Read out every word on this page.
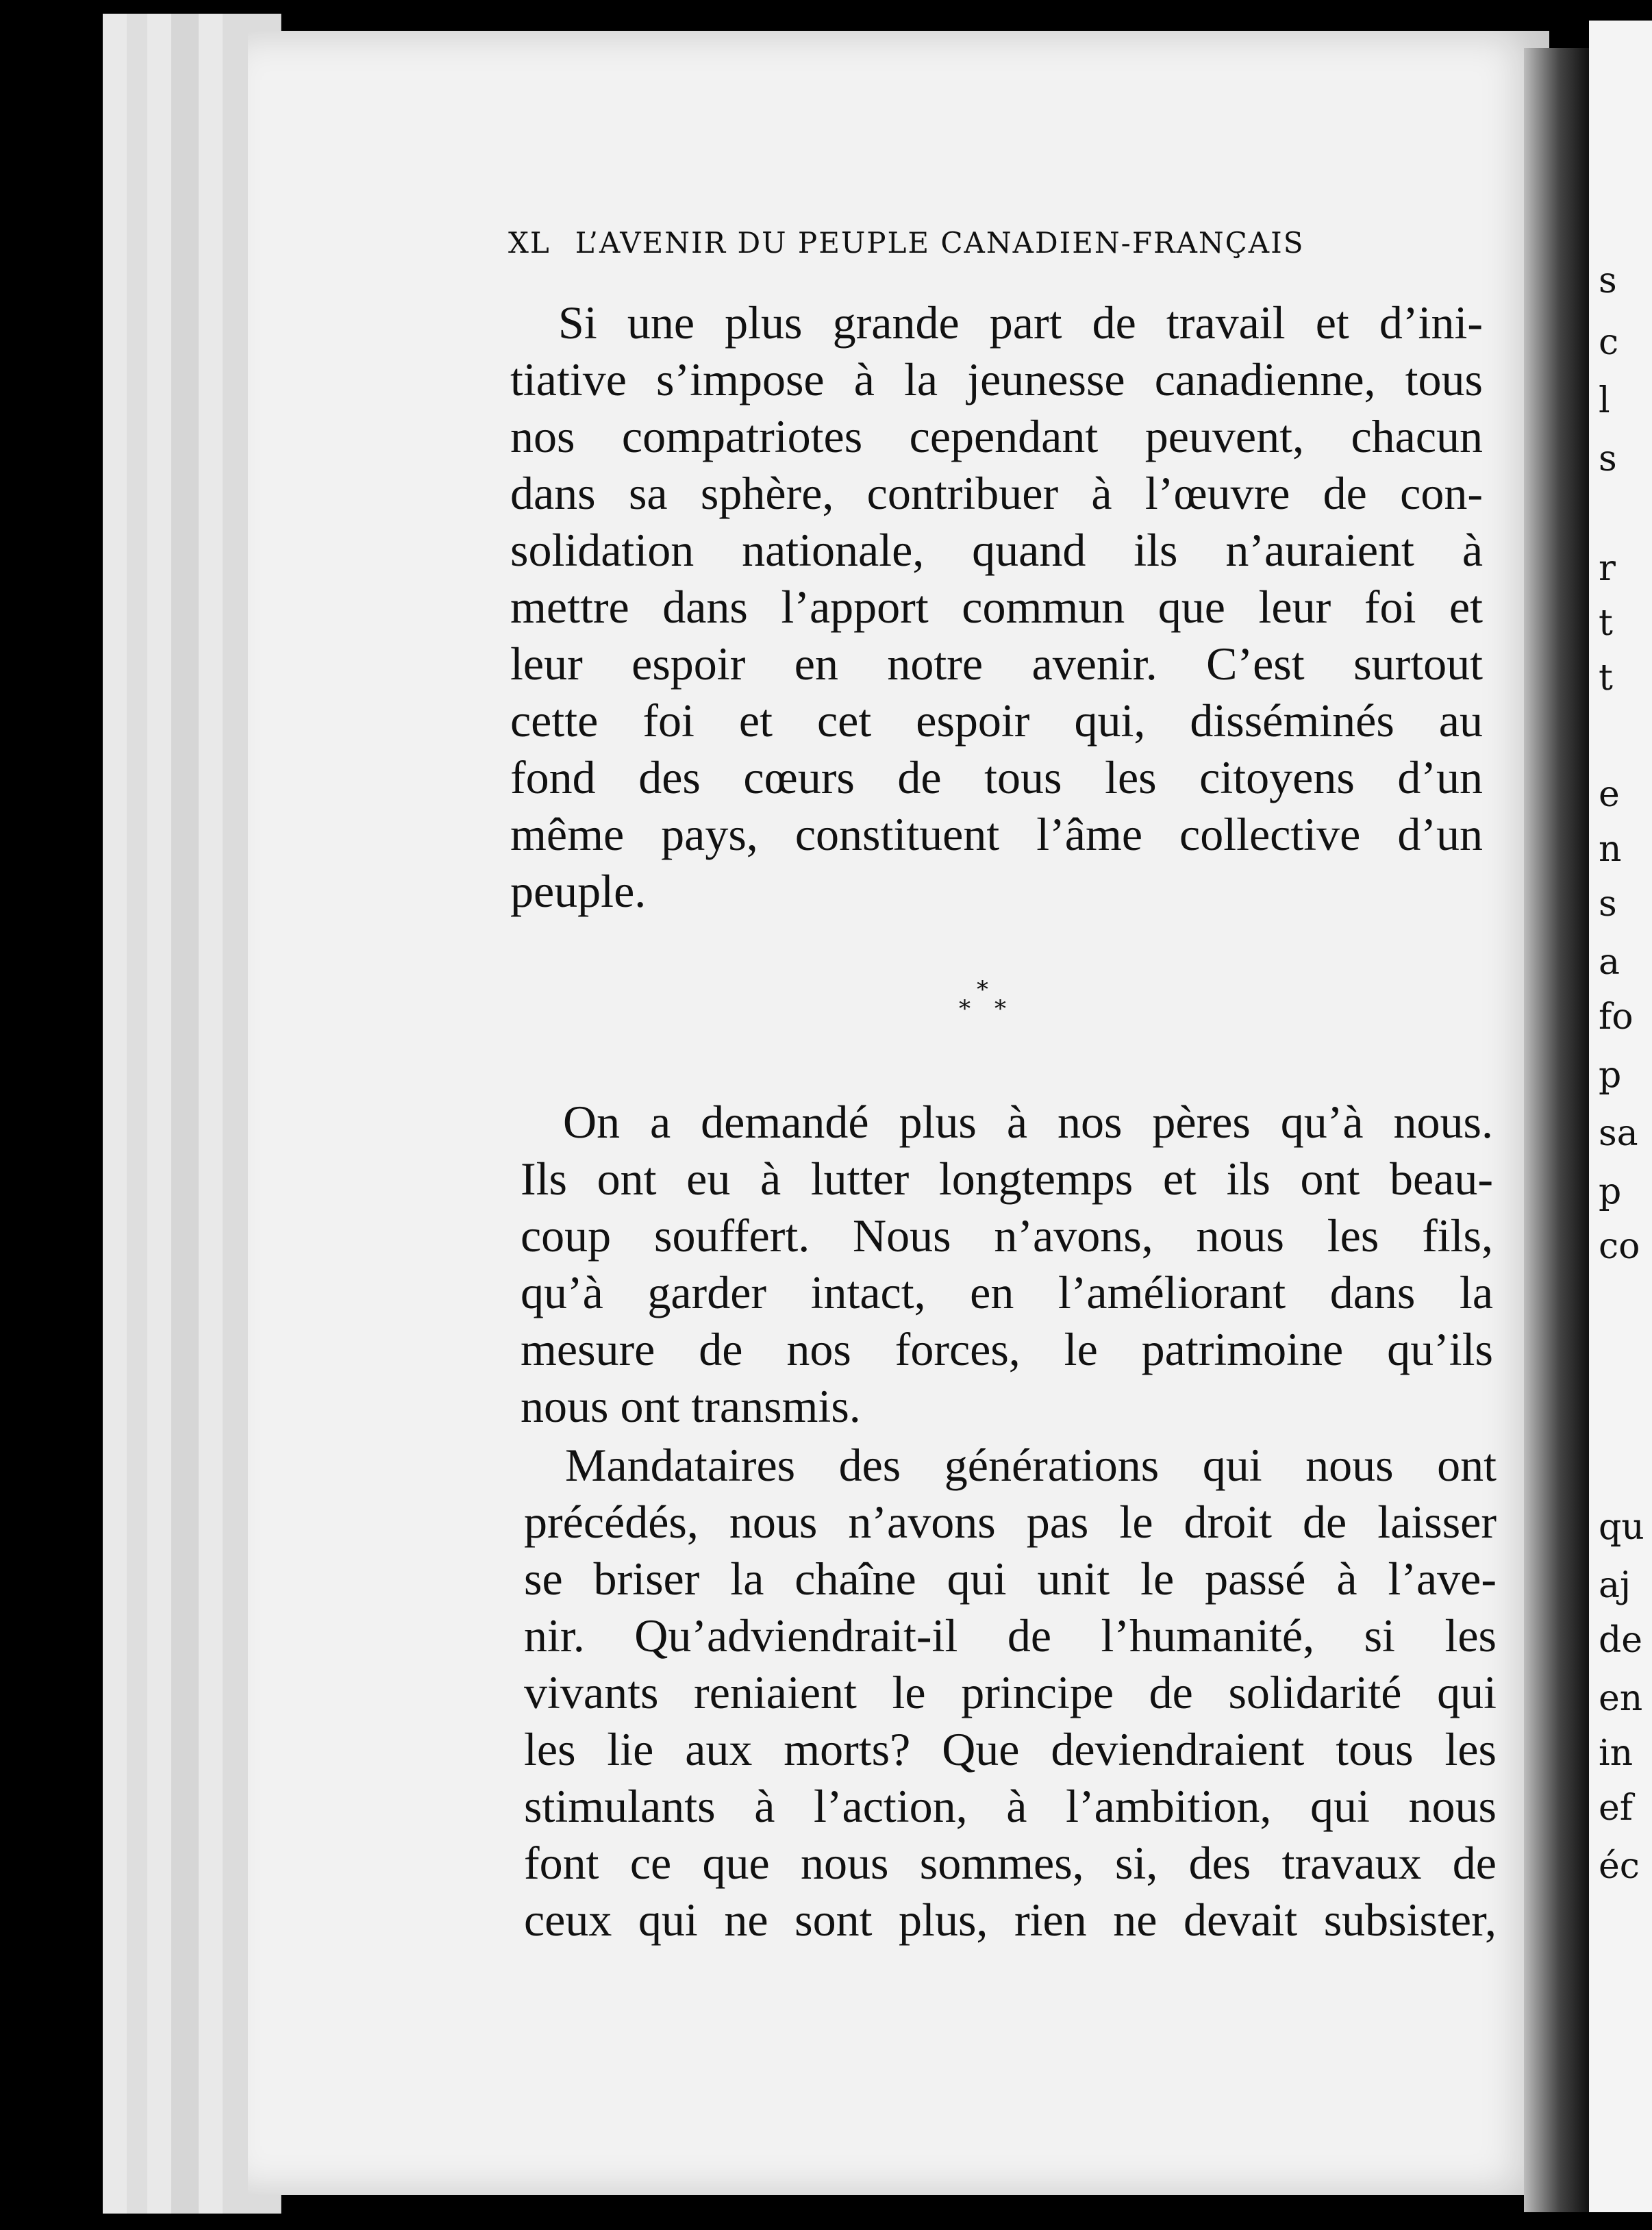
s
c
l
s
r
t
t
e
n
s
a
fo
p
sa
p
co
qu
aj
de
en
in
ef
éc
XL L’AVENIR DU PEUPLE CANADIEN-FRANÇAIS
Si une plus grande part de travail et d’ini-
tiative s’impose à la jeunesse canadienne, tous
nos compatriotes cependant peuvent, chacun
dans sa sphère, contribuer à l’œuvre de con-
solidation nationale, quand ils n’auraient à
mettre dans l’apport commun que leur foi et
leur espoir en notre avenir. C’est surtout
cette foi et cet espoir qui, disséminés au
fond des cœurs de tous les citoyens d’un
même pays, constituent l’âme collective d’un
peuple.
*
* *
On a demandé plus à nos pères qu’à nous.
Ils ont eu à lutter longtemps et ils ont beau-
coup souffert. Nous n’avons, nous les fils,
qu’à garder intact, en l’améliorant dans la
mesure de nos forces, le patrimoine qu’ils
nous ont transmis.
Mandataires des générations qui nous ont
précédés, nous n’avons pas le droit de laisser
se briser la chaîne qui unit le passé à l’ave-
nir. Qu’adviendrait-il de l’humanité, si les
vivants reniaient le principe de solidarité qui
les lie aux morts? Que deviendraient tous les
stimulants à l’action, à l’ambition, qui nous
font ce que nous sommes, si, des travaux de
ceux qui ne sont plus, rien ne devait subsister,
